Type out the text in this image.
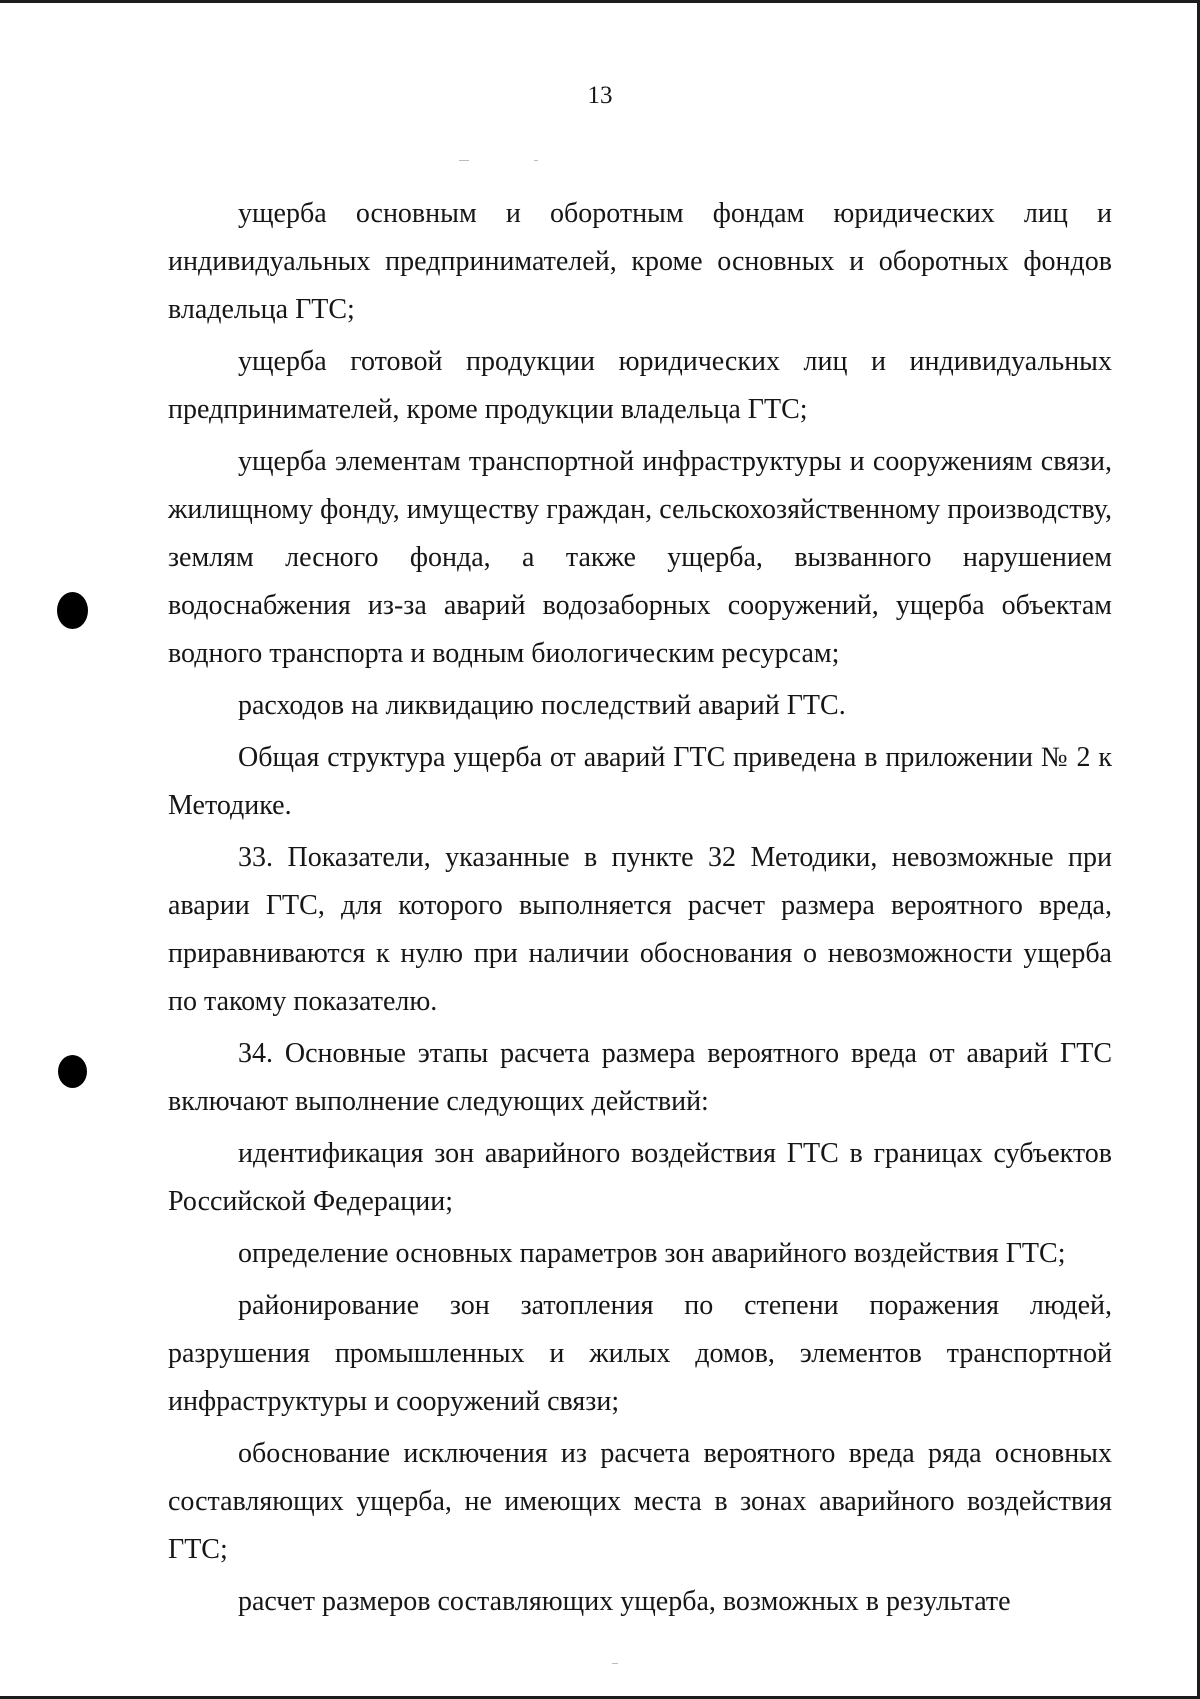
13

ущерба основным и оборотным фондам юридических лиц и индивидуальных предпринимателей, кроме основных и оборотных фондов владельца ГТС;

ущерба готовой продукции юридических лиц и индивидуальных предпринимателей, кроме продукции владельца ГТС;

ущерба элементам транспортной инфраструктуры и сооружениям связи, жилищному фонду, имуществу граждан, сельскохозяйственному производству, землям лесного фонда, а также ущерба, вызванного нарушением водоснабжения из-за аварий водозаборных сооружений, ущерба объектам водного транспорта и водным биологическим ресурсам;

расходов на ликвидацию последствий аварий ГТС.

Общая структура ущерба от аварий ГТС приведена в приложении № 2 к Методике.

33. Показатели, указанные в пункте 32 Методики, невозможные при аварии ГТС, для которого выполняется расчет размера вероятного вреда, приравниваются к нулю при наличии обоснования о невозможности ущерба по такому показателю.

34. Основные этапы расчета размера вероятного вреда от аварий ГТС включают выполнение следующих действий:

идентификация зон аварийного воздействия ГТС в границах субъектов Российской Федерации;

определение основных параметров зон аварийного воздействия ГТС;

районирование зон затопления по степени поражения людей, разрушения промышленных и жилых домов, элементов транспортной инфраструктуры и сооружений связи;

обоснование исключения из расчета вероятного вреда ряда основных составляющих ущерба, не имеющих места в зонах аварийного воздействия ГТС;

расчет размеров составляющих ущерба, возможных в результате
